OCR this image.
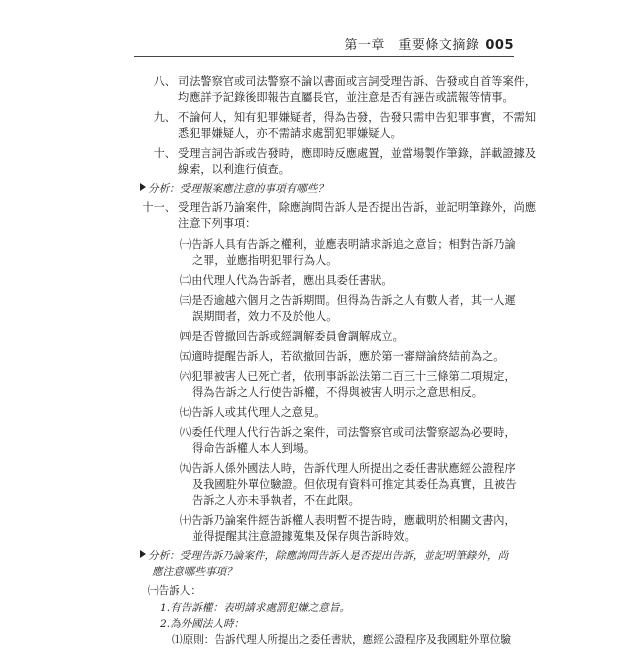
第一章　重要條文摘錄 005
八、 司法警察官或司法警察不論以書面或言詞受理告訴、告發或自首等案件，
均應詳予記錄後即報告直屬長官，並注意是否有誣告或謊報等情事。
九、 不論何人，知有犯罪嫌疑者，得為告發，告發只需申告犯罪事實，不需知
悉犯罪嫌疑人，亦不需請求處罰犯罪嫌疑人。
十、 受理言詞告訴或告發時，應即時反應處置，並當場製作筆錄，詳載證據及
線索，以利進行偵查。
分析：受理報案應注意的事項有哪些？
十一、 受理告訴乃論案件，除應詢問告訴人是否提出告訴，並記明筆錄外，尚應
注意下列事項：
㈠告訴人具有告訴之權利，並應表明請求訴追之意旨；相對告訴乃論
之罪，並應指明犯罪行為人。
㈡由代理人代為告訴者，應出具委任書狀。
㈢是否逾越六個月之告訴期間。但得為告訴之人有數人者，其一人遲
誤期間者，效力不及於他人。
㈣是否曾撤回告訴或經調解委員會調解成立。
㈤適時提醒告訴人，若欲撤回告訴，應於第一審辯論終結前為之。
㈥犯罪被害人已死亡者，依刑事訴訟法第二百三十三條第二項規定，
得為告訴之人行使告訴權，不得與被害人明示之意思相反。
㈦告訴人或其代理人之意見。
㈧委任代理人代行告訴之案件，司法警察官或司法警察認為必要時，
得命告訴權人本人到場。
㈨告訴人係外國法人時，告訴代理人所提出之委任書狀應經公證程序
及我國駐外單位驗證。但依現有資料可推定其委任為真實，且被告
告訴之人亦未爭執者，不在此限。
㈩告訴乃論案件經告訴權人表明暫不提告時，應載明於相關文書內，
並得提醒其注意證據蒐集及保存與告訴時效。
分析：受理告訴乃論案件，除應詢問告訴人是否提出告訴，並記明筆錄外，尚
應注意哪些事項？
㈠告訴人：
1.有告訴權：表明請求處罰犯嫌之意旨。
2.為外國法人時：
⑴原則：告訴代理人所提出之委任書狀，應經公證程序及我國駐外單位驗
